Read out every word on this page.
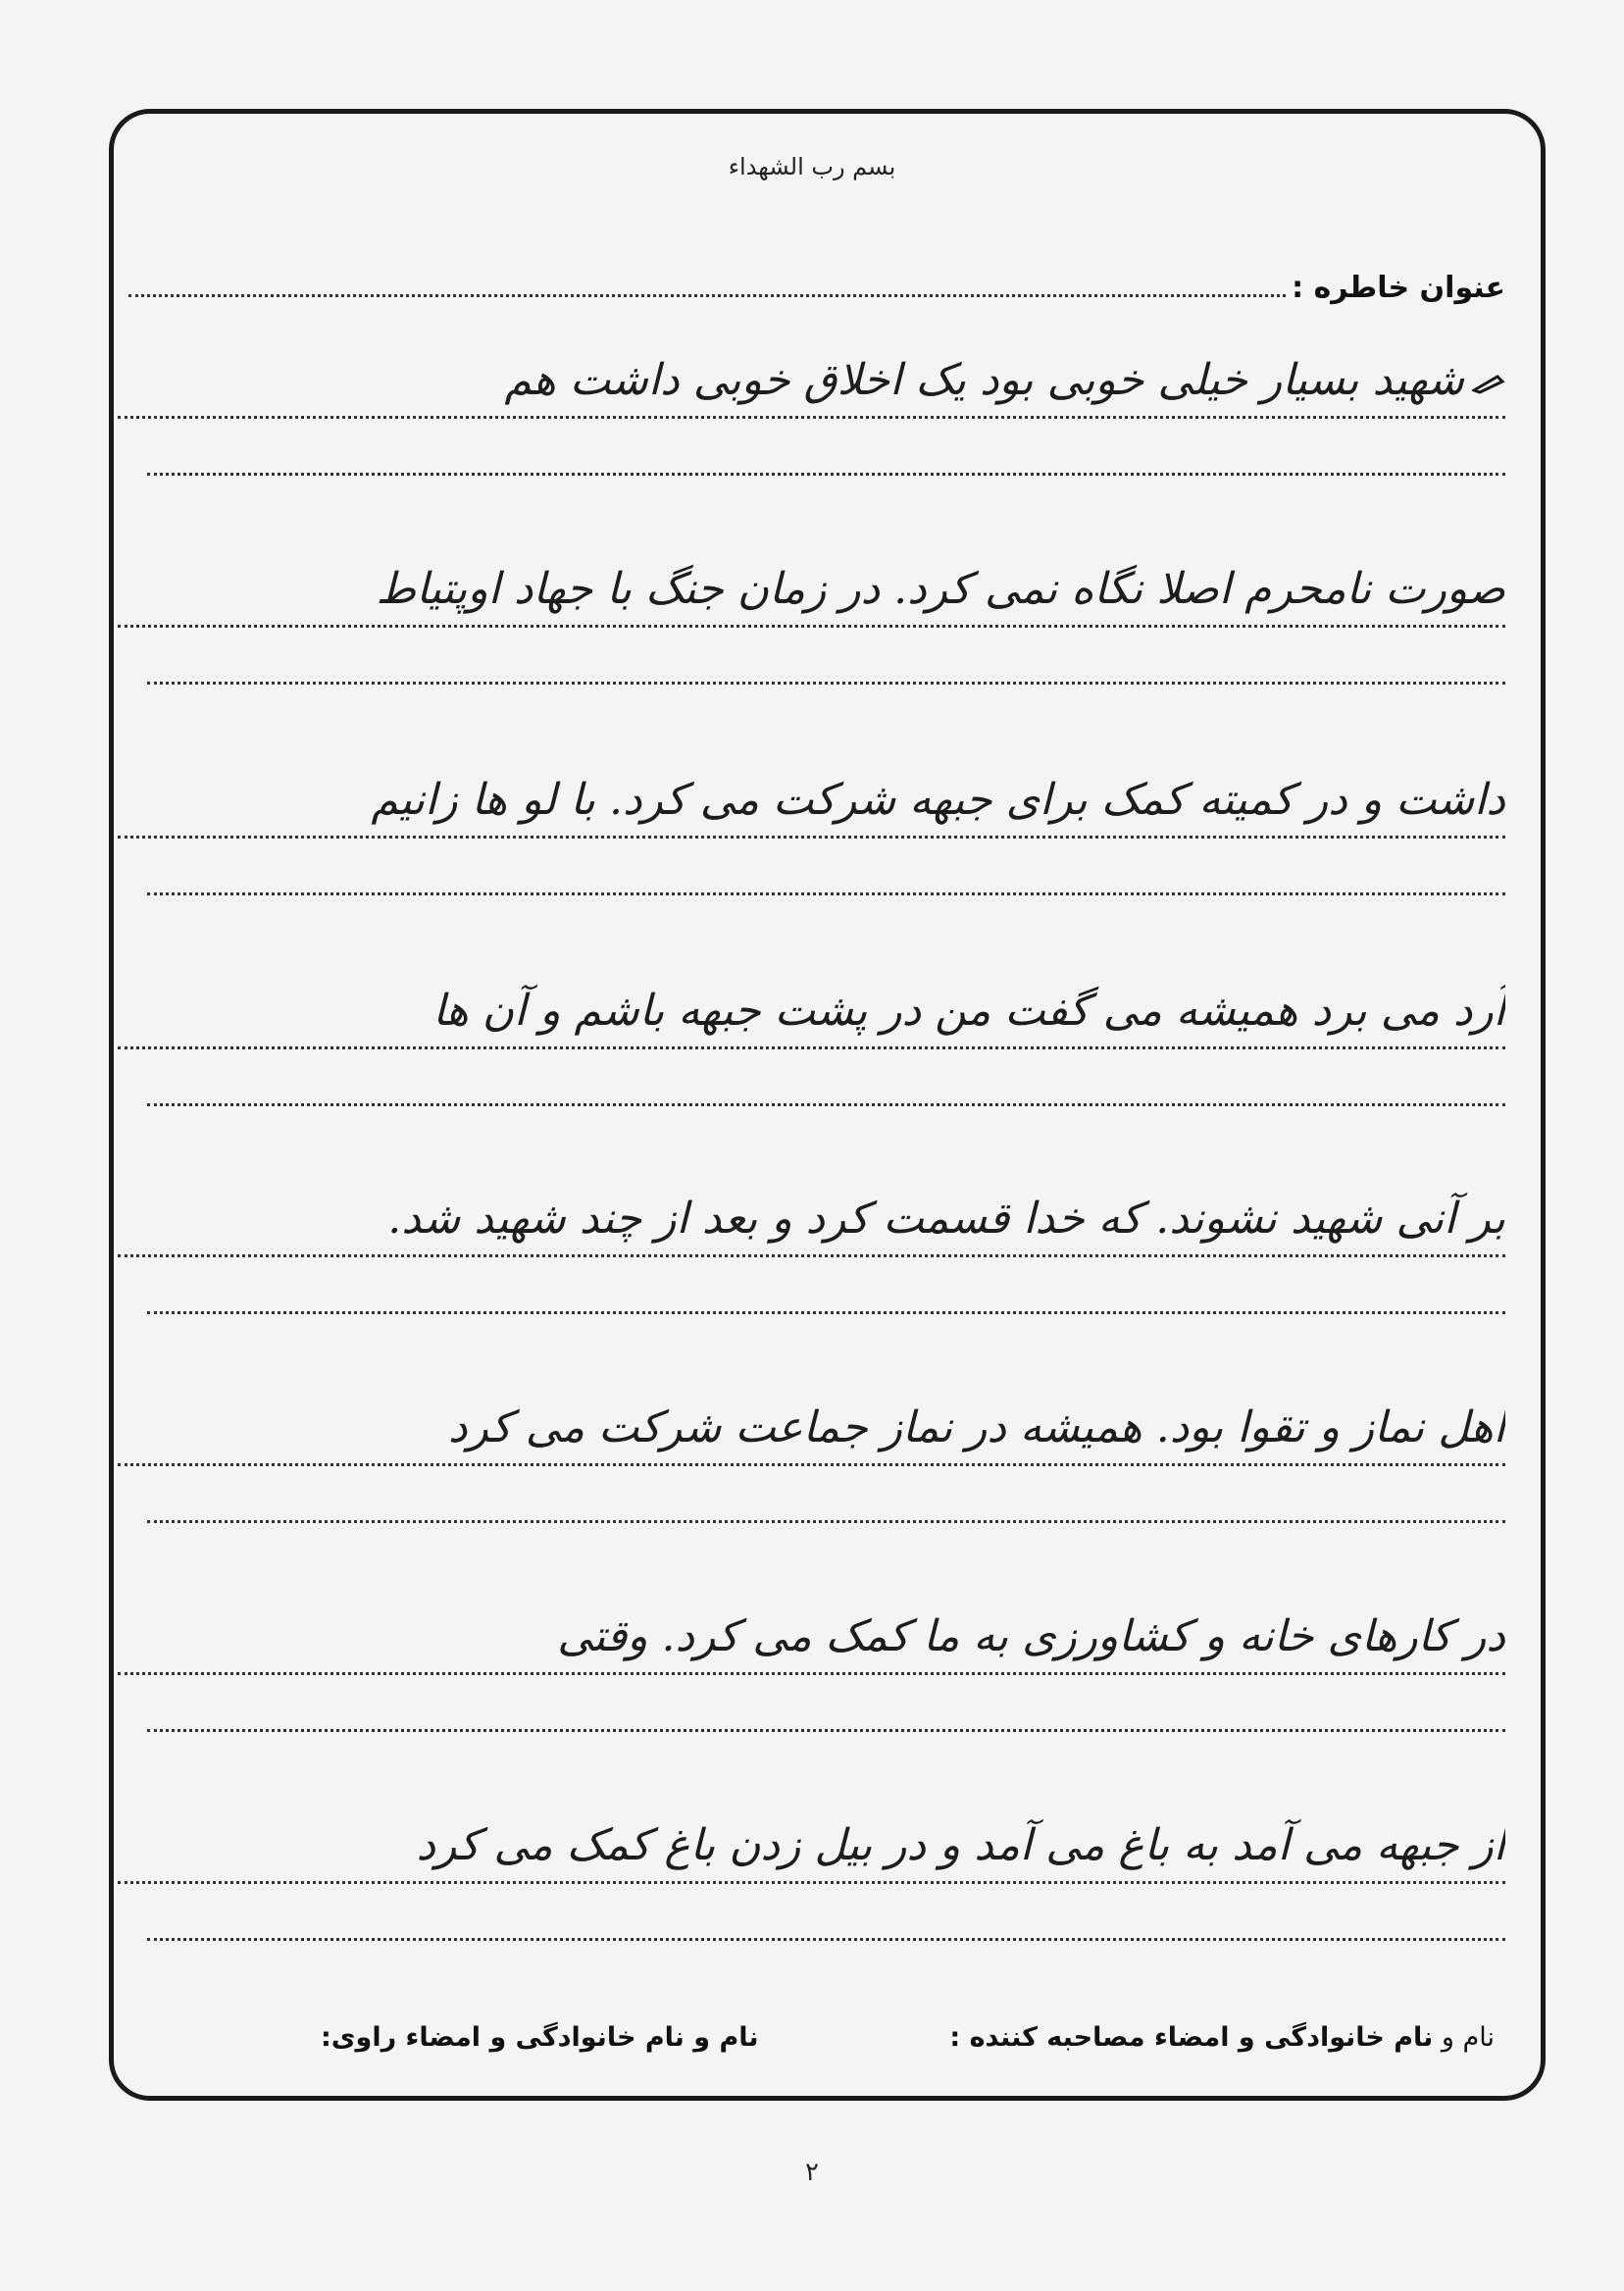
بسم رب الشهداء
عنوان خاطره :
شهید بسیار خیلی خوبی بود یک اخلاق خوبی داشت هم
صورت نامحرم اصلا نگاه نمی کرد. در زمان جنگ با جهاد اوپتیاط
داشت و در کمیته کمک برای جبهه شرکت می کرد. با لو ها زانیم
آرد می برد همیشه می گفت من در پشت جبهه باشم و آن ها
بر آنی شهید نشوند. که خدا قسمت کرد و بعد از چند شهید شد.
اهل نماز و تقوا بود. همیشه در نماز جماعت شرکت می کرد
در کارهای خانه و کشاورزی به ما کمک می کرد. وقتی
از جبهه می آمد به باغ می آمد و در بیل زدن باغ کمک می کرد
نام و نام خانوادگی و امضاء مصاحبه کننده :
نام و نام خانوادگی و امضاء راوی:
۲
